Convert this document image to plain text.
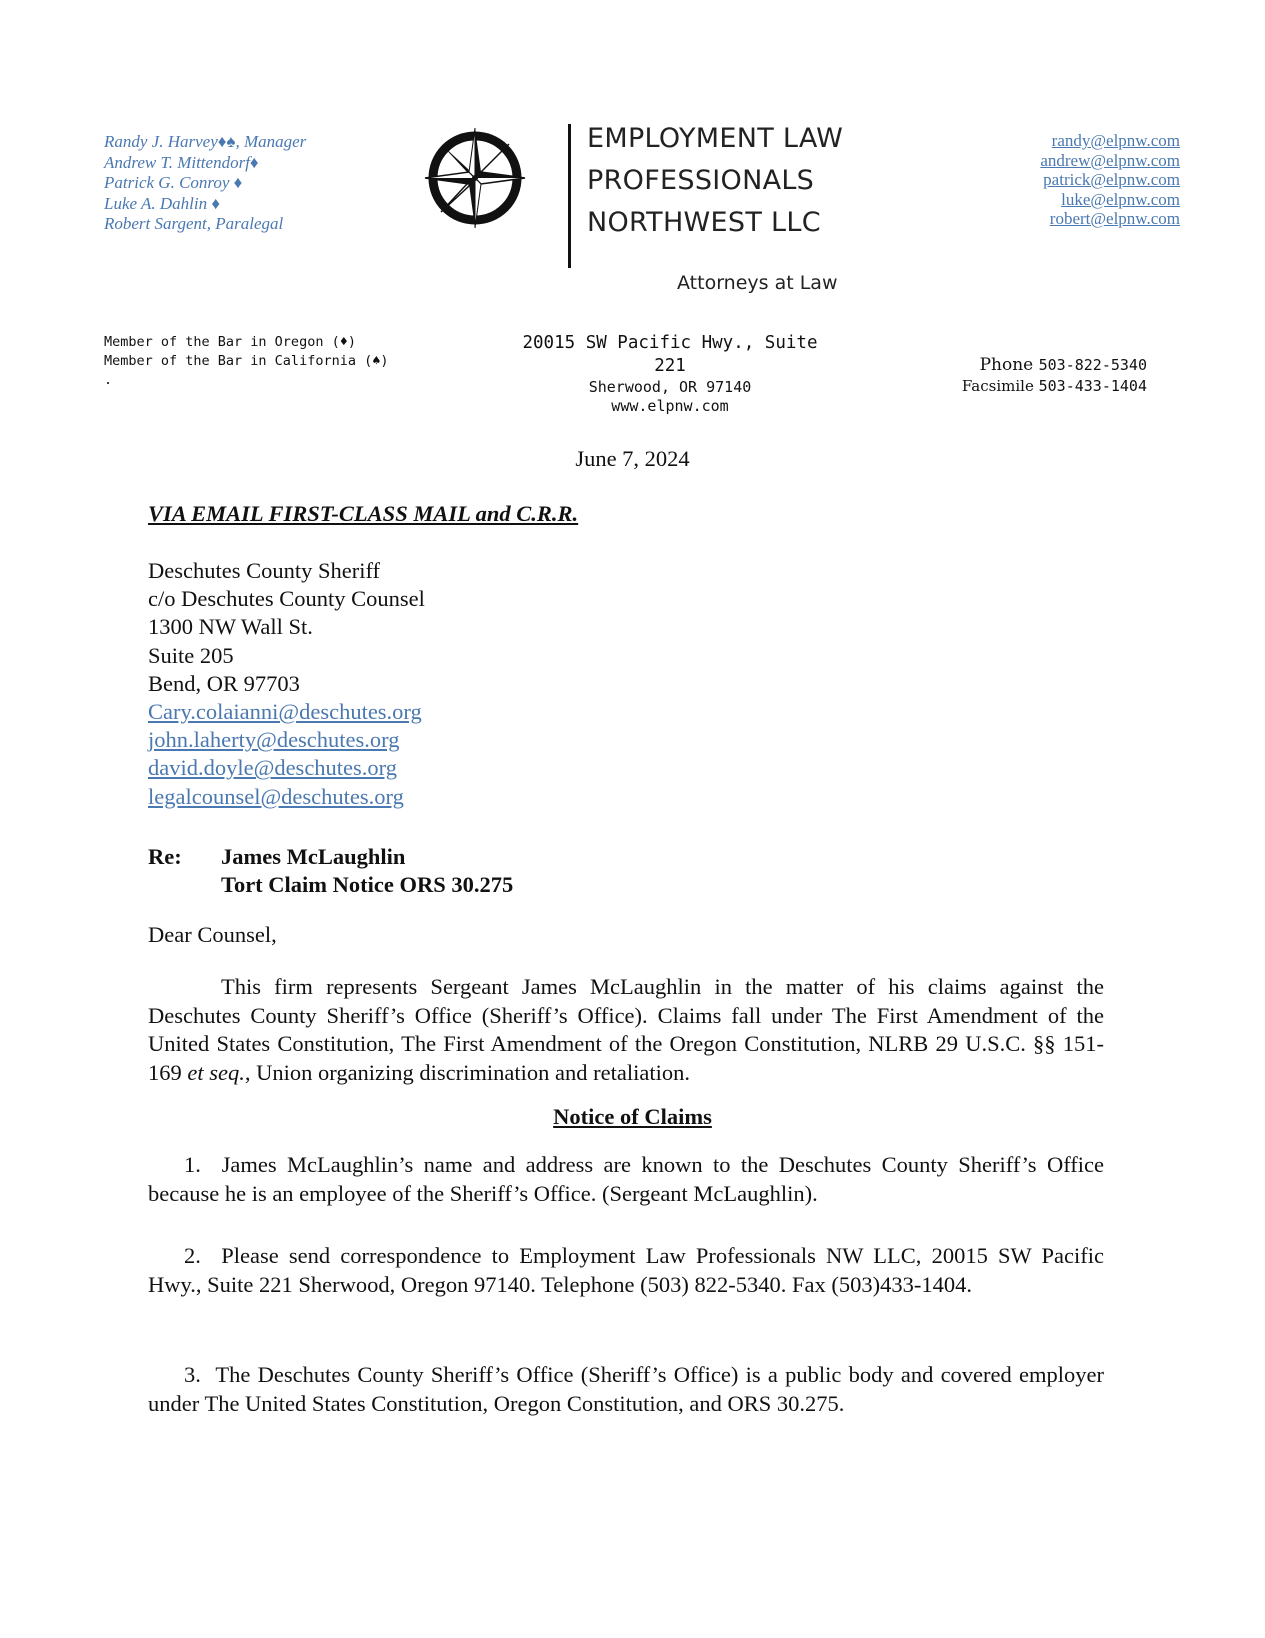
Randy J. Harvey♦♠, Manager
Andrew T. Mittendorf♦
Patrick G. Conroy ♦
Luke A. Dahlin ♦
Robert Sargent, Paralegal
EMPLOYMENT LAW
PROFESSIONALS
NORTHWEST LLC
Attorneys at Law
randy@elpnw.com
andrew@elpnw.com
patrick@elpnw.com
luke@elpnw.com
robert@elpnw.com
Member of the Bar in Oregon (♦)
Member of the Bar in California (♠)
.
20015 SW Pacific Hwy., Suite 221
Sherwood, OR 97140
www.elpnw.com
Phone 503-822-5340
Facsimile 503-433-1404
June 7, 2024
VIA EMAIL FIRST-CLASS MAIL and C.R.R.
Deschutes County Sheriff
c/o Deschutes County Counsel
1300 NW Wall St.
Suite 205
Bend, OR 97703
Cary.colaianni@deschutes.org
john.laherty@deschutes.org
david.doyle@deschutes.org
legalcounsel@deschutes.org
Re: James McLaughlin
Tort Claim Notice ORS 30.275
Dear Counsel,
This firm represents Sergeant James McLaughlin in the matter of his claims against the Deschutes County Sheriff’s Office (Sheriff’s Office). Claims fall under The First Amendment of the United States Constitution, The First Amendment of the Oregon Constitution, NLRB 29 U.S.C. §§ 151-169 et seq., Union organizing discrimination and retaliation.
Notice of Claims
1.  James McLaughlin’s name and address are known to the Deschutes County Sheriff’s Office because he is an employee of the Sheriff’s Office. (Sergeant McLaughlin).
2.  Please send correspondence to Employment Law Professionals NW LLC, 20015 SW Pacific Hwy., Suite 221 Sherwood, Oregon 97140. Telephone (503) 822-5340. Fax (503)433-1404.
3.  The Deschutes County Sheriff’s Office (Sheriff’s Office) is a public body and covered employer under The United States Constitution, Oregon Constitution, and ORS 30.275.
